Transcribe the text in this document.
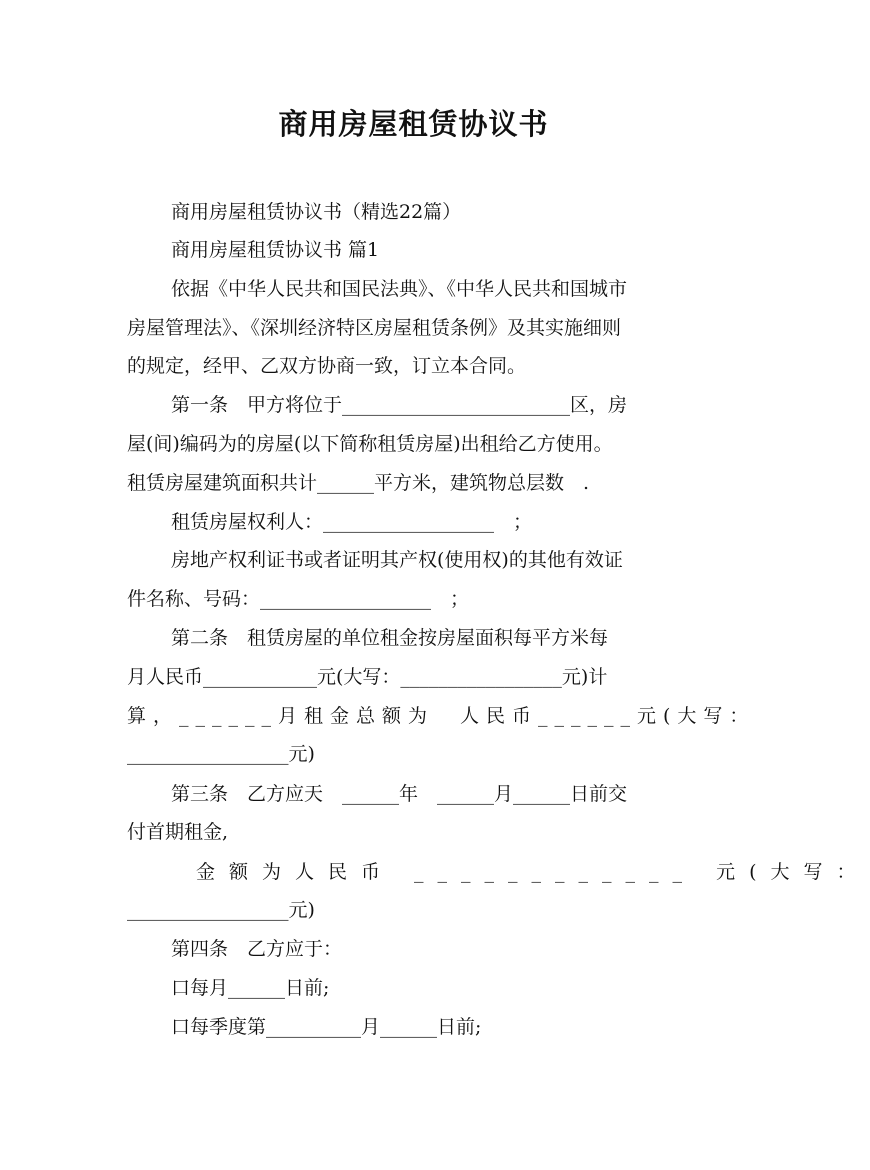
商用房屋租赁协议书
商用房屋租赁协议书（精选22篇）
商用房屋租赁协议书 篇1
依据《中华人民共和国民法典》、《中华人民共和国城市
房屋管理法》、《深圳经济特区房屋租赁条例》及其实施细则
的规定，经甲、乙双方协商一致，订立本合同。
第一条　甲方将位于________________________区，房
屋(间)编码为的房屋(以下简称租赁房屋)出租给乙方使用。
租赁房屋建筑面积共计______平方米，建筑物总层数　.
租赁房屋权利人：__________________　；
房地产权利证书或者证明其产权(使用权)的其他有效证
件名称、号码：__________________　；
第二条　租赁房屋的单位租金按房屋面积每平方米每
月人民币____________元(大写：_________________元)计
算，______月租金总额为　人民币______元(大写：
_________________元)
第三条　乙方应天　______年　______月______日前交
付首期租金,
金额为人民币 ____________ 元(大写：
_________________元)
第四条　乙方应于：
口每月______日前;
口每季度第__________月______日前;
